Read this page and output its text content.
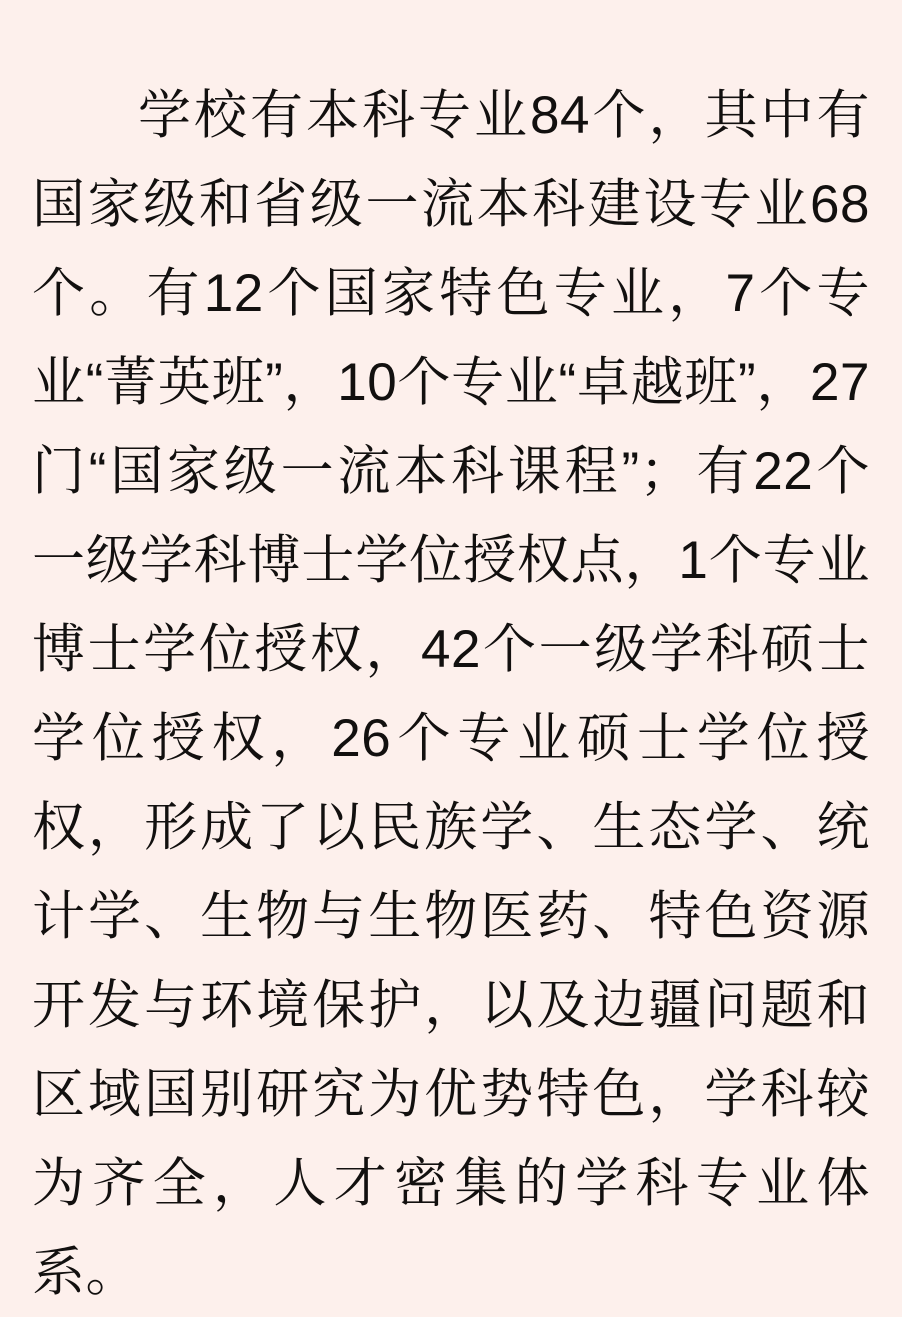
学校有本科专业84个，其中有国家级和省级一流本科建设专业68个。有12个国家特色专业，7个专业“菁英班”，10个专业“卓越班”，27门“国家级一流本科课程”；有22个一级学科博士学位授权点，1个专业博士学位授权，42个一级学科硕士学位授权，26个专业硕士学位授权，形成了以民族学、生态学、统计学、生物与生物医药、特色资源开发与环境保护，以及边疆问题和区域国别研究为优势特色，学科较为齐全，人才密集的学科专业体系。
